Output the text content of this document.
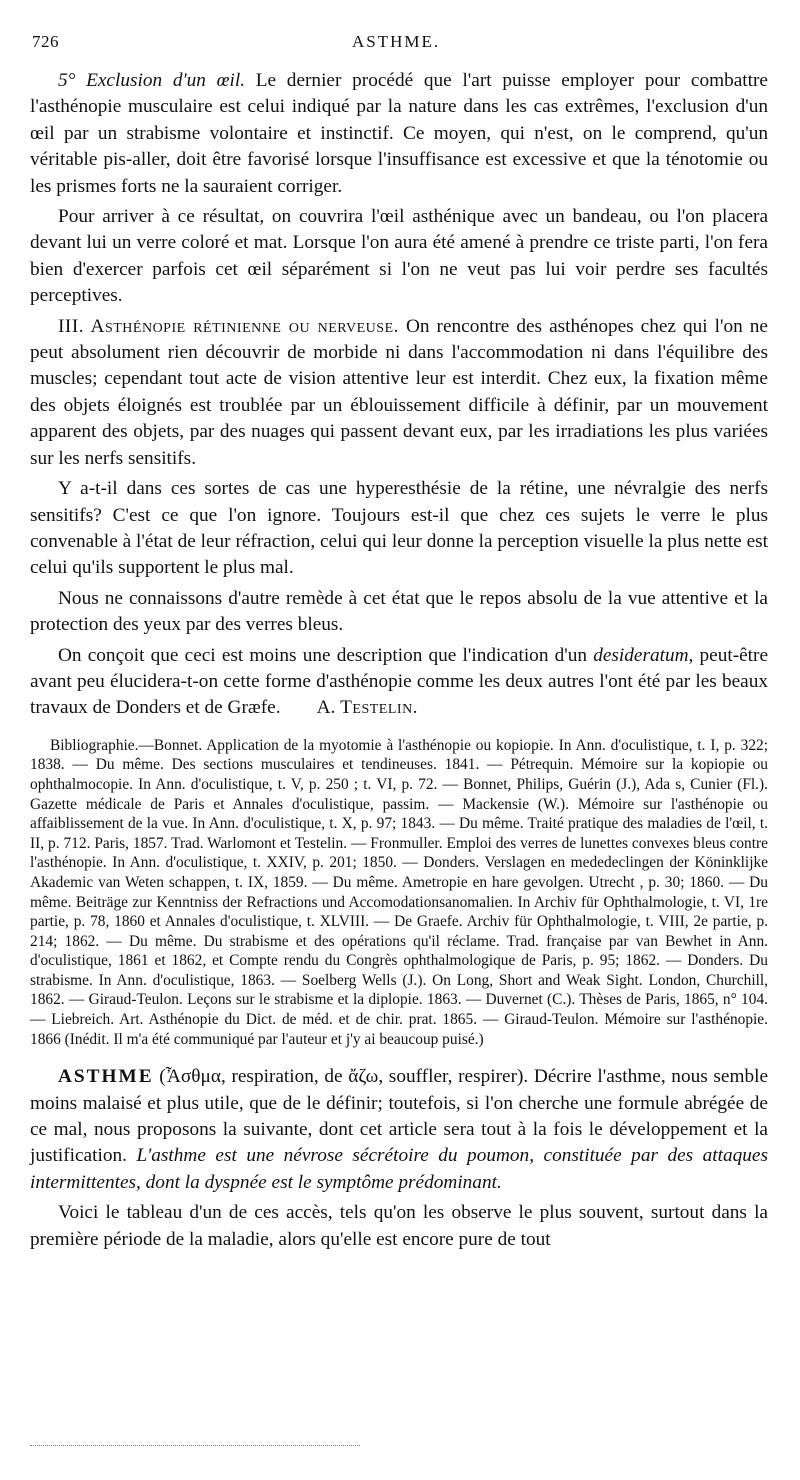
726	ASTHME.

5° Exclusion d'un œil. Le dernier procédé que l'art puisse employer pour combattre l'asthénopie musculaire est celui indiqué par la nature dans les cas extrêmes, l'exclusion d'un œil par un strabisme volontaire et instinctif. Ce moyen, qui n'est, on le comprend, qu'un véritable pis-aller, doit être favorisé lorsque l'insuffisance est excessive et que la ténotomie ou les prismes forts ne la sauraient corriger.

Pour arriver à ce résultat, on couvrira l'œil asthénique avec un bandeau, ou l'on placera devant lui un verre coloré et mat. Lorsque l'on aura été amené à prendre ce triste parti, l'on fera bien d'exercer parfois cet œil séparément si l'on ne veut pas lui voir perdre ses facultés perceptives.

III. Asthénopie rétinienne ou nerveuse. On rencontre des asthénopes chez qui l'on ne peut absolument rien découvrir de morbide ni dans l'accommodation ni dans l'équilibre des muscles; cependant tout acte de vision attentive leur est interdit. Chez eux, la fixation même des objets éloignés est troublée par un éblouissement difficile à définir, par un mouvement apparent des objets, par des nuages qui passent devant eux, par les irradiations les plus variées sur les nerfs sensitifs.

Y a-t-il dans ces sortes de cas une hyperesthésie de la rétine, une névralgie des nerfs sensitifs? C'est ce que l'on ignore. Toujours est-il que chez ces sujets le verre le plus convenable à l'état de leur réfraction, celui qui leur donne la perception visuelle la plus nette est celui qu'ils supportent le plus mal.

Nous ne connaissons d'autre remède à cet état que le repos absolu de la vue attentive et la protection des yeux par des verres bleus.

On conçoit que ceci est moins une description que l'indication d'un desideratum, peut-être avant peu élucidera-t-on cette forme d'asthénopie comme les deux autres l'ont été par les beaux travaux de Donders et de Græfe. A. Testelin.

Bibliographie.—Bonnet. Application de la myotomie à l'asthénopie ou kopiopie. In Ann. d'oculistique, t. I, p. 322; 1838. — Du même. Des sections musculaires et tendineuses. 1841. — Pétrequin. Mémoire sur la kopiopie ou ophthalmocopie. In Ann. d'oculistique, t. V, p. 250 ; t. VI, p. 72. — Bonnet, Philips, Guérin (J.), Ada s, Cunier (Fl.). Gazette médicale de Paris et Annales d'oculistique, passim. — Mackensie (W.). Mémoire sur l'asthénopie ou affaiblissement de la vue. In Ann. d'oculistique, t. X, p. 97; 1843. — Du même. Traité pratique des maladies de l'œil, t. II, p. 712. Paris, 1857. Trad. Warlomont et Testelin. — Fronmuller. Emploi des verres de lunettes convexes bleus contre l'asthénopie. In Ann. d'oculistique, t. XXIV, p. 201; 1850. — Donders. Verslagen en mededeclingen der Köninklijke Akademic van Weten schappen, t. IX, 1859. — Du même. Ametropie en hare gevolgen. Utrecht , p. 30; 1860. — Du même. Beiträge zur Kenntniss der Refractions und Accomodationsanomalien. In Archiv für Ophthalmologie, t. VI, 1re partie, p. 78, 1860 et Annales d'oculistique, t. XLVIII. — De Graefe. Archiv für Ophthalmologie, t. VIII, 2e partie, p. 214; 1862. — Du même. Du strabisme et des opérations qu'il réclame. Trad. française par van Bewhet in Ann. d'oculistique, 1861 et 1862, et Compte rendu du Congrès ophthalmologique de Paris, p. 95; 1862. — Donders. Du strabisme. In Ann. d'oculistique, 1863. — Soelberg Wells (J.). On Long, Short and Weak Sight. London, Churchill, 1862. — Giraud-Teulon. Leçons sur le strabisme et la diplopie. 1863. — Duvernet (C.). Thèses de Paris, 1865, n° 104. — Liebreich. Art. Asthénopie du Dict. de méd. et de chir. prat. 1865. — Giraud-Teulon. Mémoire sur l'asthénopie. 1866 (Inédit. Il m'a été communiqué par l'auteur et j'y ai beaucoup puisé.)

ASTHME (Ἆσθμα, respiration, de ἄζω, souffler, respirer). Décrire l'asthme, nous semble moins malaisé et plus utile, que de le définir; toutefois, si l'on cherche une formule abrégée de ce mal, nous proposons la suivante, dont cet article sera tout à la fois le développement et la justification. L'asthme est une névrose sécrétoire du poumon, constituée par des attaques intermittentes, dont la dyspnée est le symptôme prédominant.

Voici le tableau d'un de ces accès, tels qu'on les observe le plus souvent, surtout dans la première période de la maladie, alors qu'elle est encore pure de tout
